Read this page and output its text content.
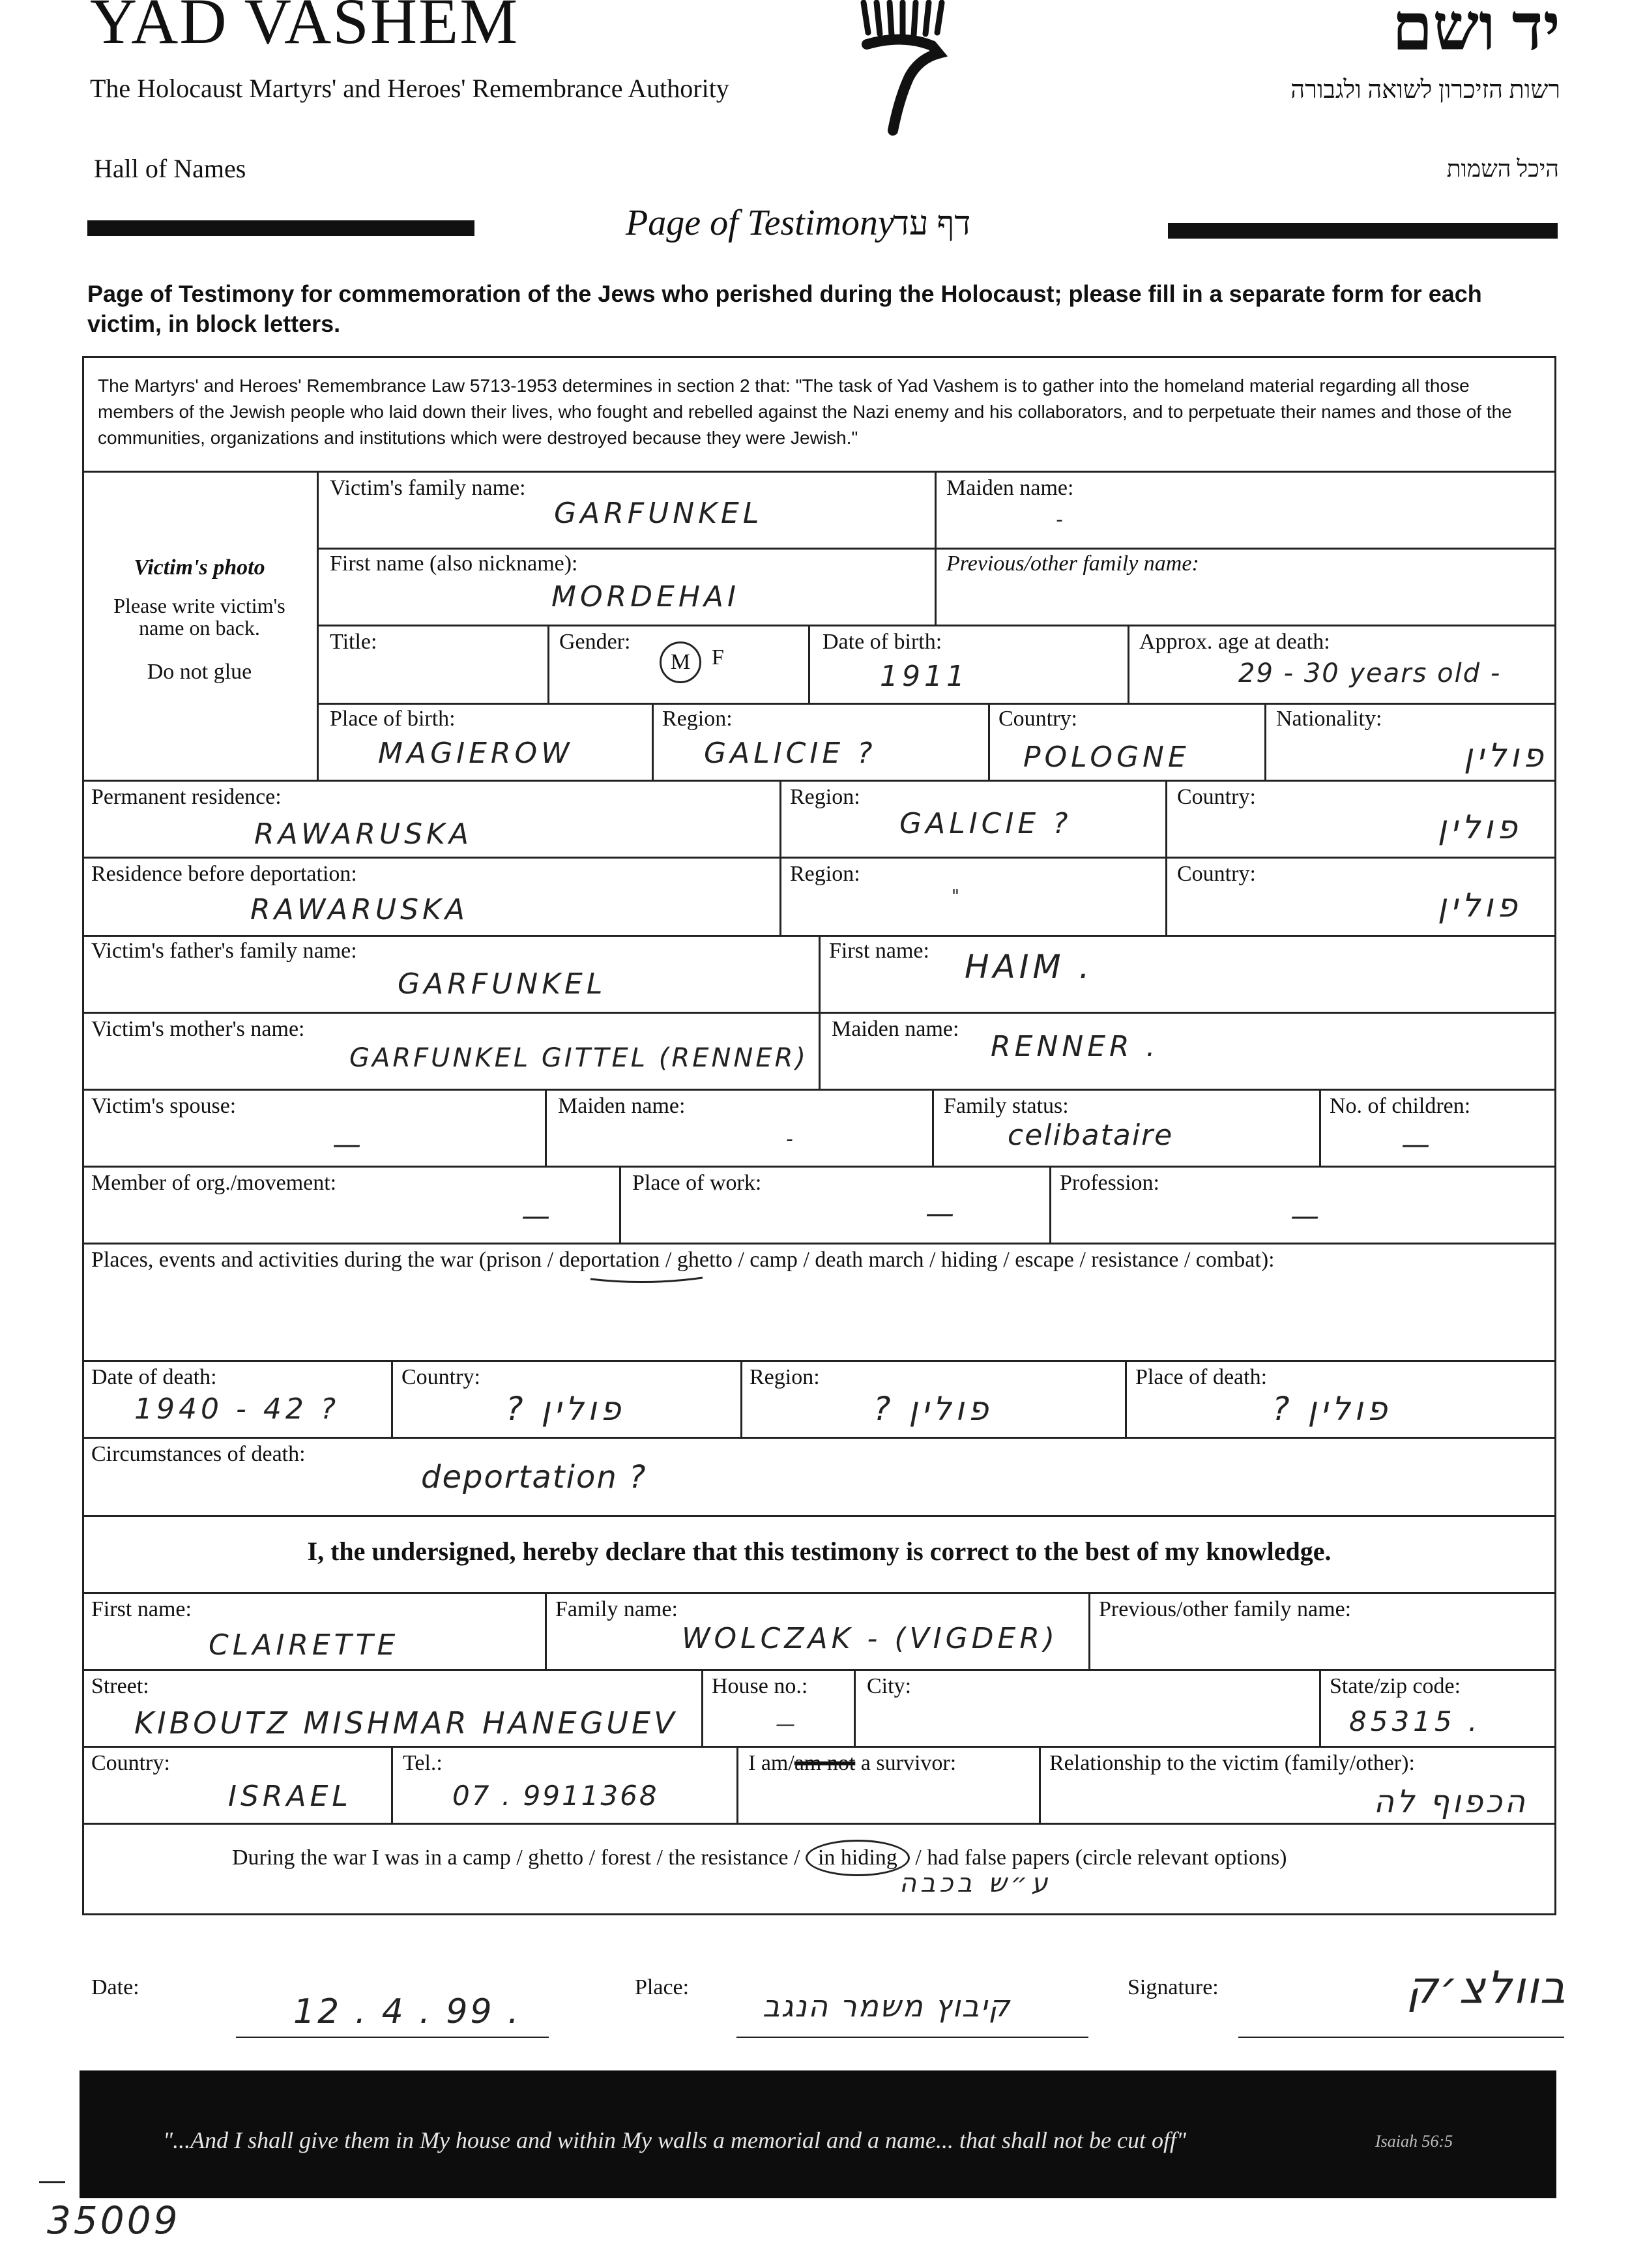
YAD VASHEM
The Holocaust Martyrs' and Heroes' Remembrance Authority
יד ושם
רשות הזיכרון לשואה ולגבורה
Hall of Names	היכל השמות
Page of Testimony
דף עד
Page of Testimony for commemoration of the Jews who perished during the Holocaust; please fill in a separate form for each victim, in block letters.
The Martyrs' and Heroes' Remembrance Law 5713-1953 determines in section 2 that: "The task of Yad Vashem is to gather into the homeland material regarding all those members of the Jewish people who laid down their lives, who fought and rebelled against the Nazi enemy and his collaborators, and to perpetuate their names and those of the communities, organizations and institutions which were destroyed because they were Jewish."
Victim's photo
Please write victim's name on back.
Do not glue
Victim's family name:
GARFUNKEL
Maiden name:
-
First name (also nickname):
MORDEHAI
Previous/other family name:
Title:	Gender:
M F
Date of birth:
1911
Approx. age at death:
29 - 30 years old -
Place of birth:
MAGIEROW
Region:
GALICIE ?
Country:
POLOGNE
Nationality:
פולין
Permanent residence:
RAWARUSKA
Region:
GALICIE ?
Country:
פולין
Residence before deportation:
RAWARUSKA
Region:
"
Country:
פולין
Victim's father's family name:
GARFUNKEL
First name: HAIM .
Victim's mother's name:
GARFUNKEL GITTEL (RENNER)
Maiden name:
RENNER .
Victim's spouse:
—
Maiden name:
-
Family status:
celibataire
No. of children:
—
Member of org./movement:
—
Place of work:
—
Profession:
—
Places, events and activities during the war (prison / deportation / ghetto / camp / death march / hiding / escape / resistance / combat):
Date of death:
1940 - 42 ?
Country:
פולין ?
Region:
פולין ?
Place of death:
פולין ?
Circumstances of death:
deportation ?
I, the undersigned, hereby declare that this testimony is correct to the best of my knowledge.
First name:
CLAIRETTE
Family name:
WOLCZAK - (VIGDER)
Previous/other family name:
Street:
KIBOUTZ MISHMAR HANEGUEV
House no.:
—
City:	State/zip code:
85315 .
Country:
ISRAEL
Tel.:
07 . 9911368
I am/am not a survivor:	Relationship to the victim (family/other):
הכפוף לה
During the war I was in a camp / ghetto / forest / the resistance / in hiding / had false papers (circle relevant options)
ע״ש בכבה
Date:
12 . 4 . 99 .
Place:
קיבוץ משמר הנגב
Signature:	בוולצ׳ק
"...And I shall give them in My house and within My walls a memorial and a name... that shall not be cut off"	Isaiah 56:5
35009
